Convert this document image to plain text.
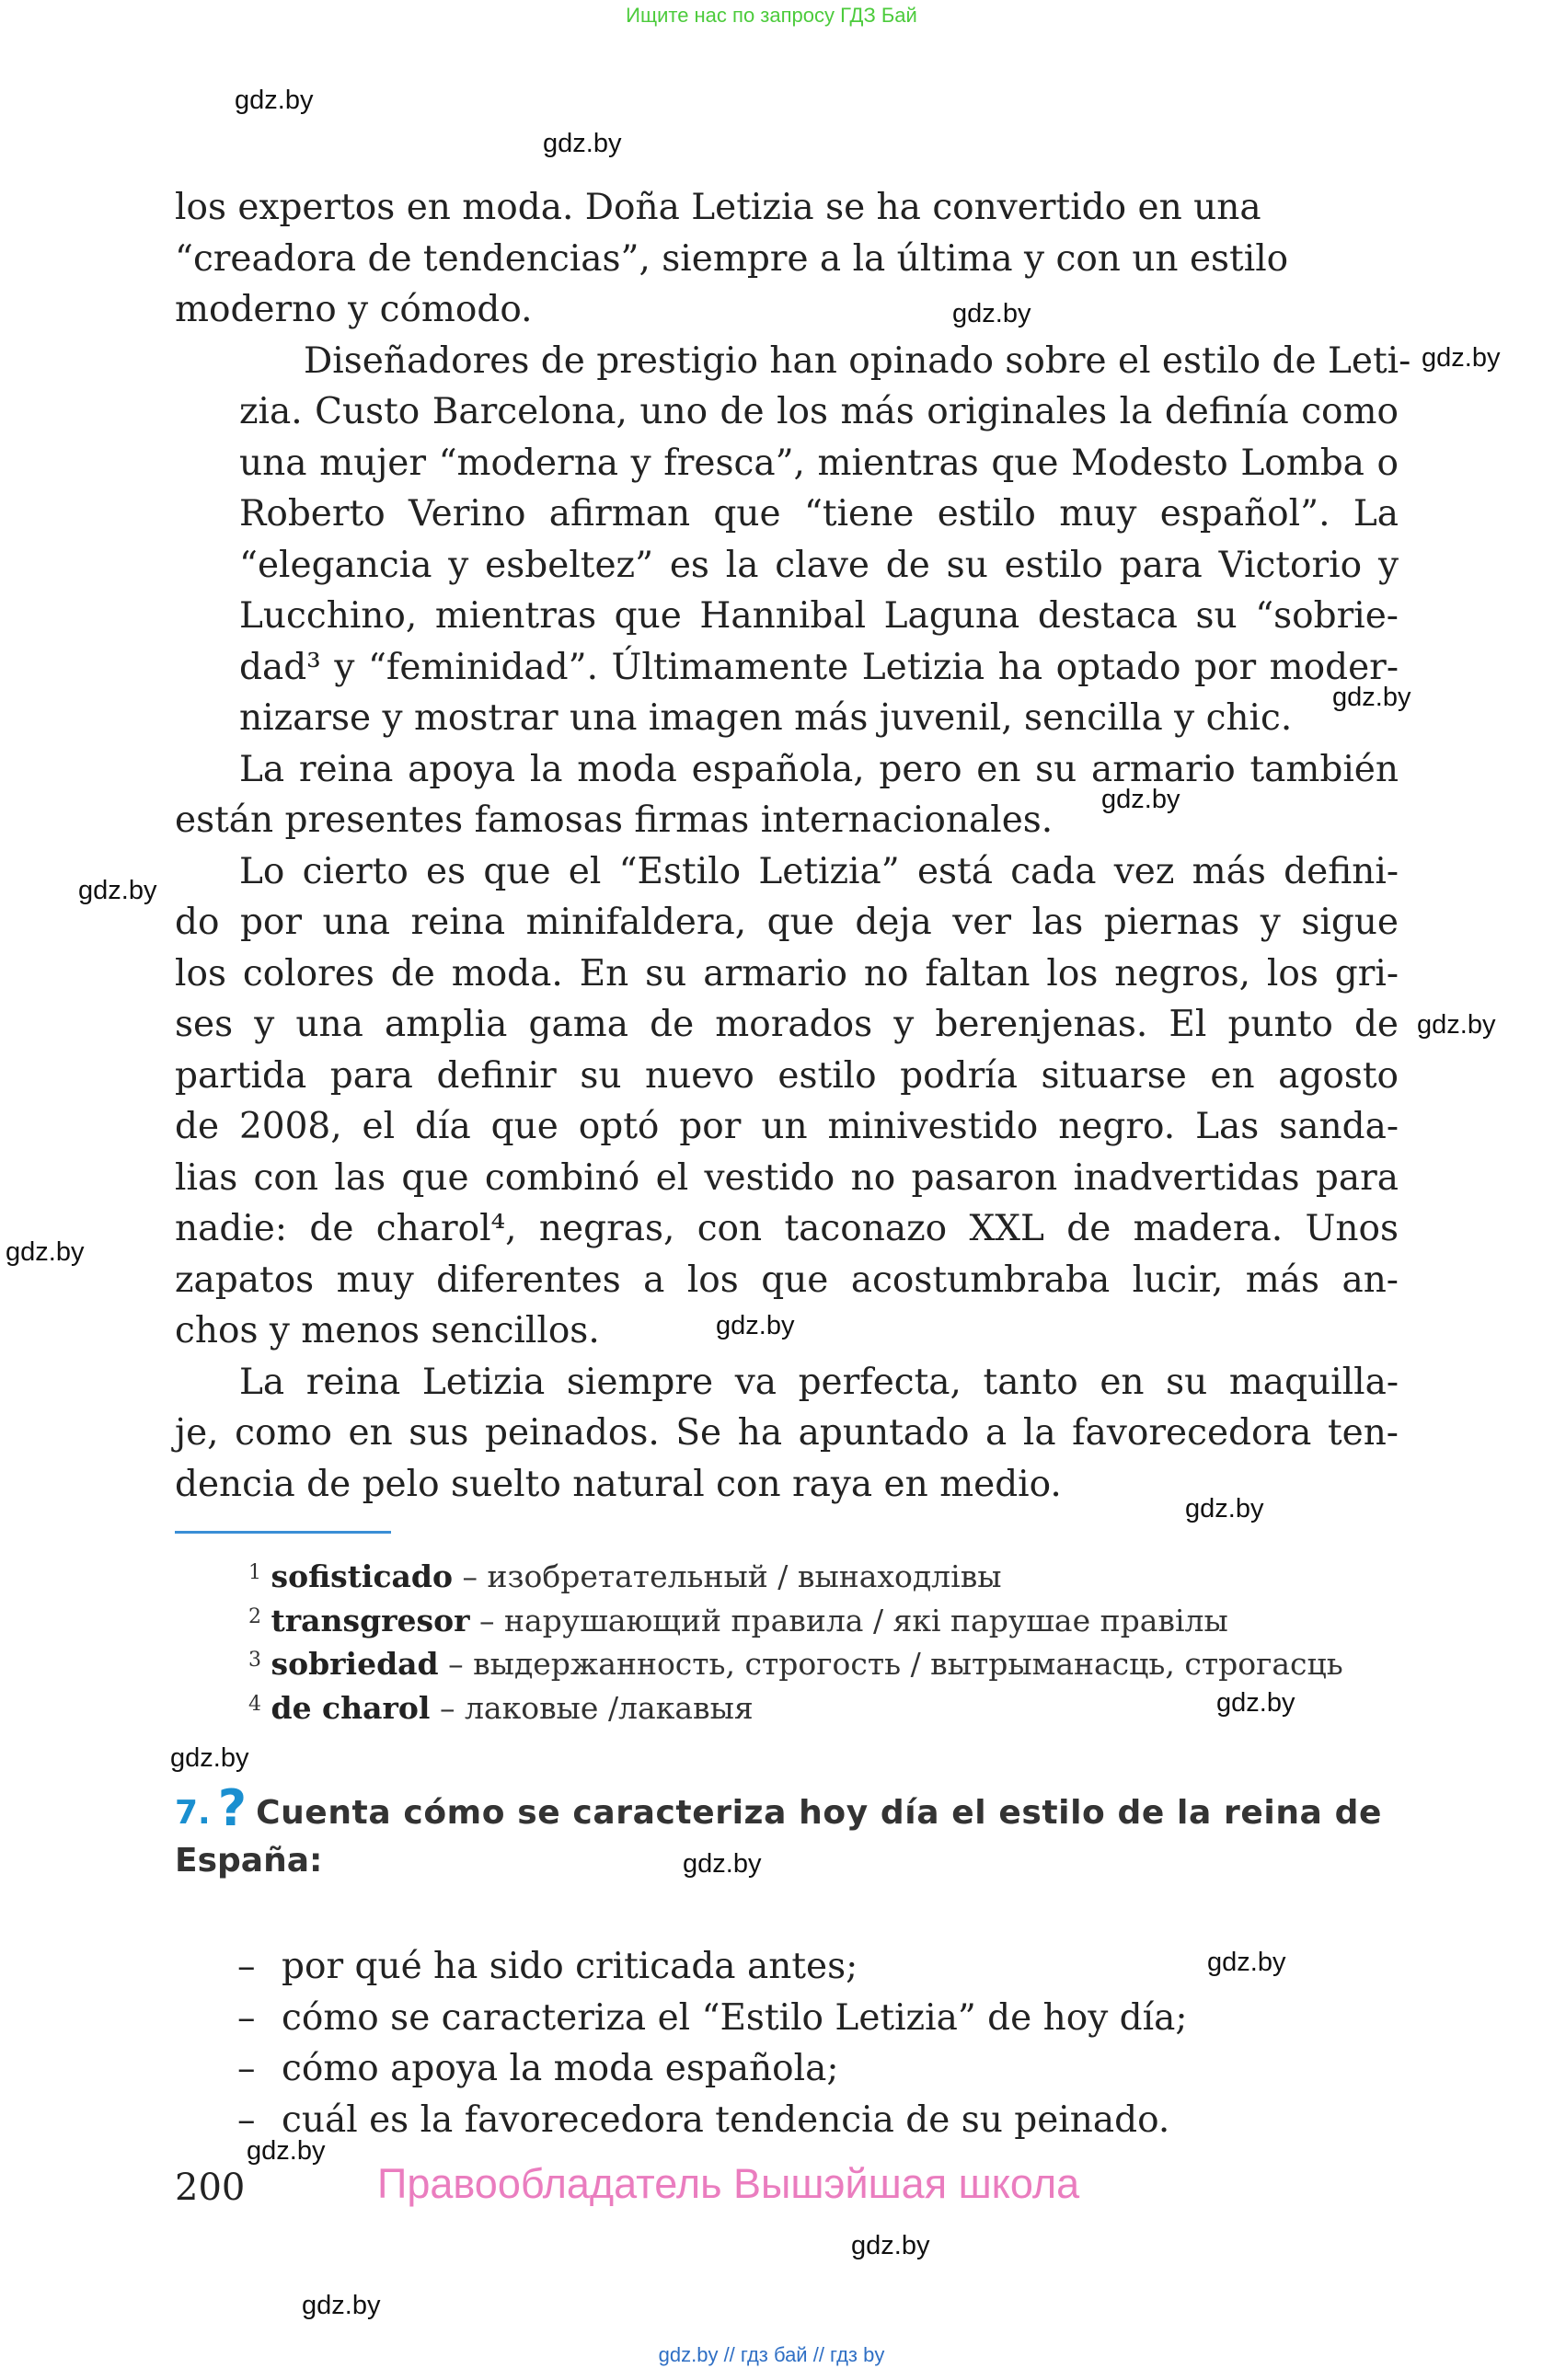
Ищите нас по запросу ГДЗ Бай
gdz.by
gdz.by
gdz.by
gdz.by
gdz.by
gdz.by
gdz.by
gdz.by
gdz.by
gdz.by
gdz.by
gdz.by
gdz.by
gdz.by
gdz.by
gdz.by
gdz.by
gdz.by

los expertos en moda. Doña Letizia se ha convertido en una
“creadora de tendencias”, siempre a la última y con un estilo
moderno y cómodo.

Diseñadores de prestigio han opinado sobre el estilo de Leti-
zia. Custo Barcelona, uno de los más originales la definía como
una mujer “moderna y fresca”, mientras que Modesto Lomba o
Roberto Verino afirman que “tiene estilo muy español”. La
“elegancia y esbeltez” es la clave de su estilo para Victorio y
Lucchino, mientras que Hannibal Laguna destaca su “sobrie-
dad³ y “feminidad”. Últimamente Letizia ha optado por moder-
nizarse y mostrar una imagen más juvenil, sencilla y chic.

La reina apoya la moda española, pero en su armario también
están presentes famosas firmas internacionales.

Lo cierto es que el “Estilo Letizia” está cada vez más defini-
do por una reina minifaldera, que deja ver las piernas y sigue
los colores de moda. En su armario no faltan los negros, los gri-
ses y una amplia gama de morados y berenjenas. El punto de
partida para definir su nuevo estilo podría situarse en agosto
de 2008, el día que optó por un minivestido negro. Las sanda-
lias con las que combinó el vestido no pasaron inadvertidas para
nadie: de charol⁴, negras, con taconazo XXL de madera. Unos
zapatos muy diferentes a los que acostumbraba lucir, más an-
chos y menos sencillos.

La reina Letizia siempre va perfecta, tanto en su maquilla-
je, como en sus peinados. Se ha apuntado a la favorecedora ten-
dencia de pelo suelto natural con raya en medio.

$^1$ sofisticado – изобретательный / вынаходлівы
$^2$ transgresor – нарушающий правила / які парушае правілы
$^3$ sobriedad – выдержанность, строгость / вытрыманасць, строгасць
$^4$ de charol – лаковые /лакавыя
7. ? Cuenta cómo se caracteriza hoy día el estilo de la reina de
España:
– por qué ha sido criticada antes;
– cómo se caracteriza el “Estilo Letizia” de hoy día;
– cómo apoya la moda española;
– cuál es la favorecedora tendencia de su peinado.
200	Правообладатель Вышэйшая школа
gdz.by // гдз бай // гдз by
